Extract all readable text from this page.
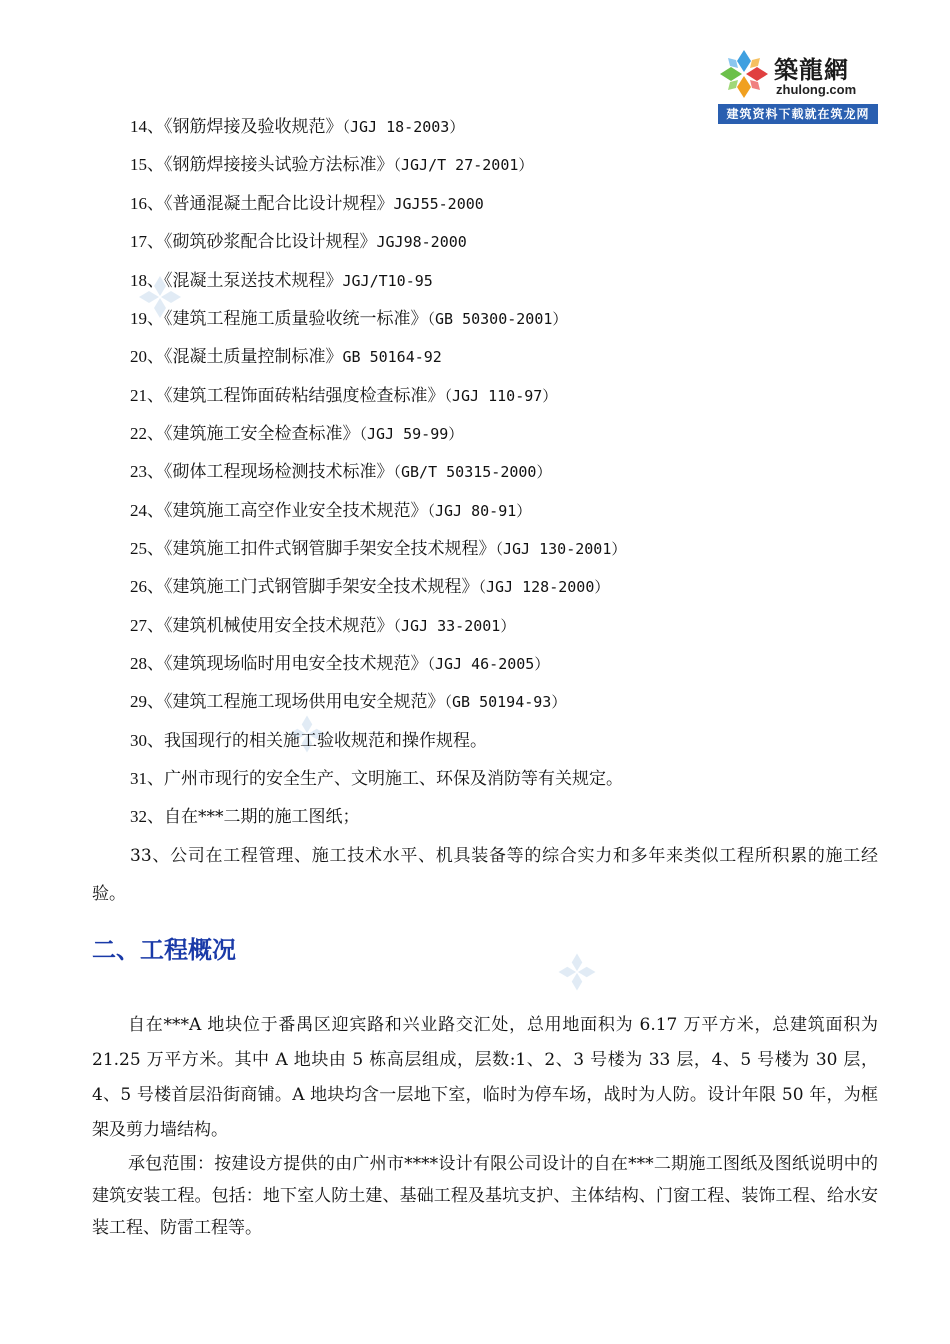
築龍網
zhulong.com
建筑资料下载就在筑龙网
14、《钢筋焊接及验收规范》（JGJ 18-2003）
15、《钢筋焊接接头试验方法标准》（JGJ/T 27-2001）
16、《普通混凝土配合比设计规程》JGJ55-2000
17、《砌筑砂浆配合比设计规程》JGJ98-2000
18、《混凝土泵送技术规程》JGJ/T10-95
19、《建筑工程施工质量验收统一标准》（GB 50300-2001）
20、《混凝土质量控制标准》GB 50164-92
21、《建筑工程饰面砖粘结强度检查标准》（JGJ 110-97）
22、《建筑施工安全检查标准》（JGJ 59-99）
23、《砌体工程现场检测技术标准》（GB/T 50315-2000）
24、《建筑施工高空作业安全技术规范》（JGJ 80-91）
25、《建筑施工扣件式钢管脚手架安全技术规程》（JGJ 130-2001）
26、《建筑施工门式钢管脚手架安全技术规程》（JGJ 128-2000）
27、《建筑机械使用安全技术规范》（JGJ 33-2001）
28、《建筑现场临时用电安全技术规范》（JGJ 46-2005）
29、《建筑工程施工现场供用电安全规范》（GB 50194-93）
30、我国现行的相关施工验收规范和操作规程。
31、广州市现行的安全生产、文明施工、环保及消防等有关规定。
32、自在***二期的施工图纸；
33、公司在工程管理、施工技术水平、机具装备等的综合实力和多年来类似工程所积累的施工经验。
二、工程概况
自在***A 地块位于番禺区迎宾路和兴业路交汇处，总用地面积为 6.17 万平方米，总建筑面积为 21.25 万平方米。其中 A 地块由 5 栋高层组成，层数:1、2、3 号楼为 33 层，4、5 号楼为 30 层，4、5 号楼首层沿街商铺。A 地块均含一层地下室，临时为停车场，战时为人防。设计年限 50 年，为框架及剪力墙结构。
承包范围：按建设方提供的由广州市****设计有限公司设计的自在***二期施工图纸及图纸说明中的建筑安装工程。包括：地下室人防土建、基础工程及基坑支护、主体结构、门窗工程、装饰工程、给水安装工程、防雷工程等。
